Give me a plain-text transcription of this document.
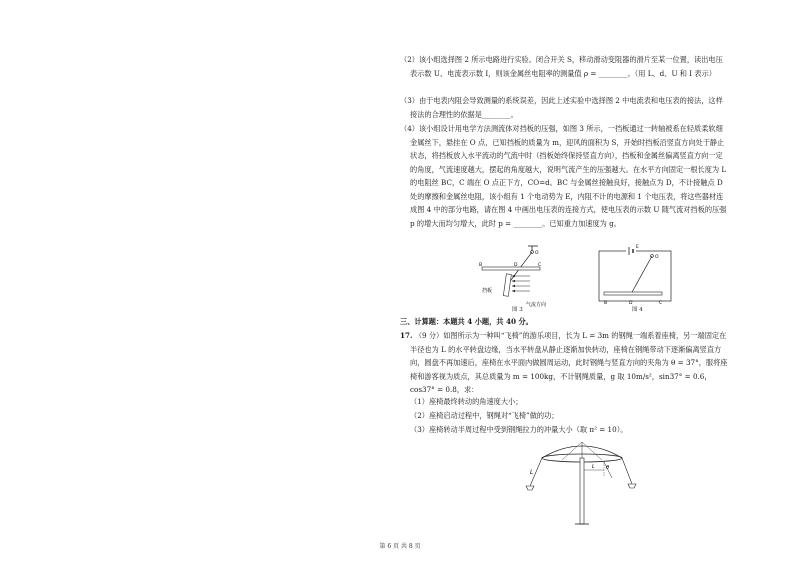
（2）该小组选择图 2 所示电路进行实验。闭合开关 S，移动滑动变阻器的滑片至某一位置，读出电压表示数 U、电流表示数 I，则该金属丝电阻率的测量值 ρ = ________。（用 L、d、U 和 I 表示）

（3）由于电表内阻会导致测量的系统误差，因此上述实验中选择图 2 中电流表和电压表的接法，这样接法的合理性的依据是________。

（4）该小组设计用电学方法测流体对挡板的压强，如图 3 所示，一挡板通过一转轴被系在轻质柔软细金属丝下，悬挂在 O 点，已知挡板的质量为 m，迎风的面积为 S，开始时挡板沿竖直方向处于静止状态，将挡板放入水平流动的气流中时（挡板始终保持竖直方向），挡板和金属丝偏离竖直方向一定的角度，气流速度越大，摆起的角度越大，说明气流产生的压强越大。在水平方向固定一根长度为 L 的电阻丝 BC，C 端在 O 点正下方，CO=d。BC 与金属丝接触良好，接触点为 D，不计接触点 D 处的摩擦和金属丝电阻，该小组有 1 个电动势为 E，内阻不计的电源和 1 个电压表，将这些器材连成图 4 中的部分电路，请在图 4 中画出电压表的连接方式，使电压表的示数 U 随气流对挡板的压强 p 的增大而均匀增大，此时 p = ________。已知重力加速度为 g。

O
B	C
D
挡板
气流方向
图 3
E
O
B	D	C
图 4

三、计算题：本题共 4 小题，共 40 分。

17. （9 分）如图所示为一种叫“飞椅”的游乐项目，长为 L = 3m 的钢绳一端系着座椅，另一端固定在半径也为 L 的水平转盘边缘，当水平转盘从静止逐渐加快转动，座椅在钢绳带动下逐渐偏离竖直方向，圆盘不再加速后，座椅在水平面内做圆周运动，此时钢绳与竖直方向的夹角为 θ = 37°，服将座椅和游客视为质点，其总质量为 m = 100kg，不计钢绳质量，g 取 10m/s²，sin37° = 0.6，cos37° = 0.8，求：

（1）座椅最终转动的角速度大小；

（2）座椅启动过程中，钢绳对“飞椅”做的功；

（3）座椅转动半周过程中受到钢绳拉力的冲量大小（取 π² = 10）。

L
θ
L
第 6 页 共 8 页
